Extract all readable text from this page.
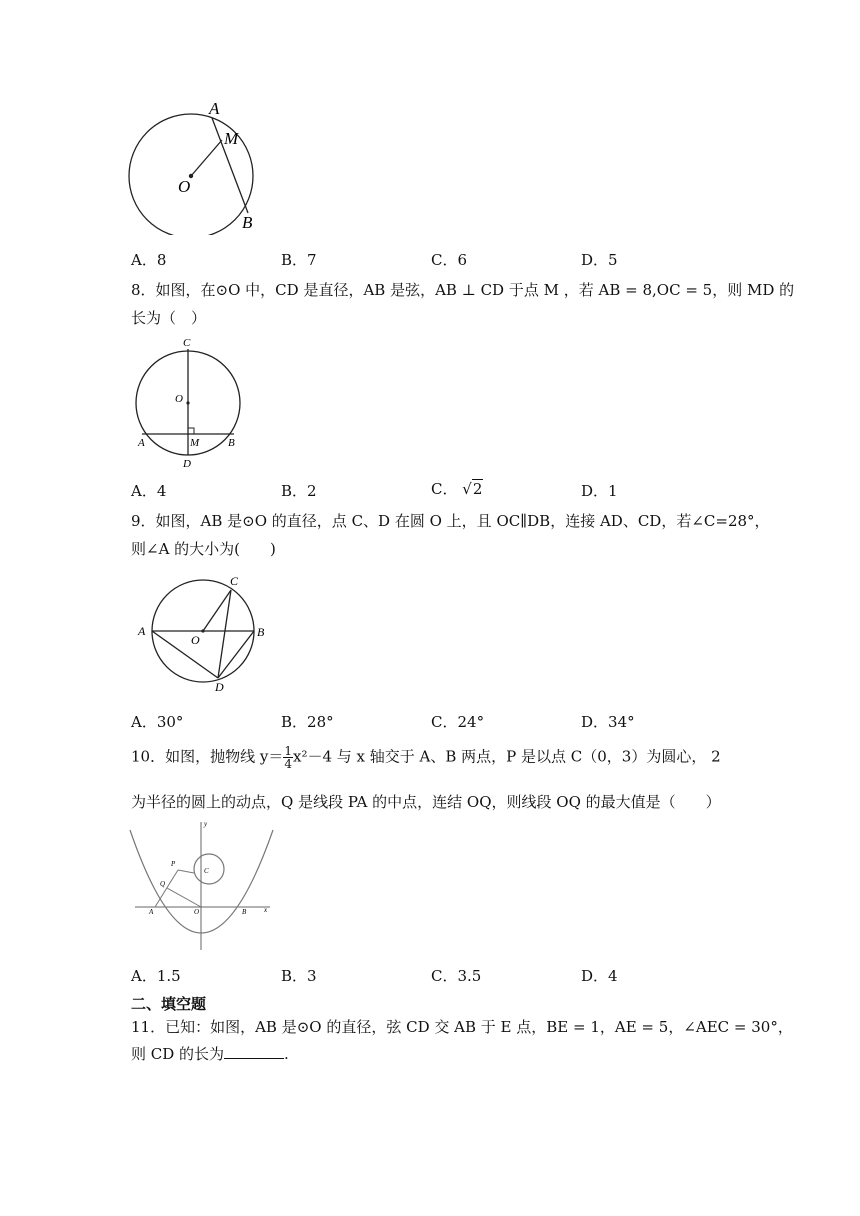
A
M
O
B
A．8	B．7	C．6	D．5
8．如图，在⊙O 中，CD 是直径，AB 是弦，AB ⊥ CD 于点 M ，若 AB = 8,OC = 5，则 MD 的
长为（　）
C
O
A	M	B
D
A．4	B．2	C． √2	D．1
9．如图，AB 是⊙O 的直径，点 C、D 在圆 O 上，且 OC∥DB，连接 AD、CD，若∠C=28°，
则∠A 的大小为(　　)
A
O
B
C
D
A．30°	B．28°	C．24°	D．34°
10．如图，抛物线 $y= \frac{1}{4} x^2-4$ 与 x 轴交于 A、B 两点，P 是以点 C（0，3）为圆心， 2
为半径的圆上的动点，Q 是线段 PA 的中点，连结 OQ，则线段 OQ 的最大值是（　　）
y
x
P
Q
C
A	O	B
A．1.5	B．3	C．3.5	D．4
二、填空题
11．已知：如图，AB 是⊙O 的直径，弦 CD 交 AB 于 E 点，BE = 1，AE = 5，∠AEC = 30°，
则 CD 的长为	.
